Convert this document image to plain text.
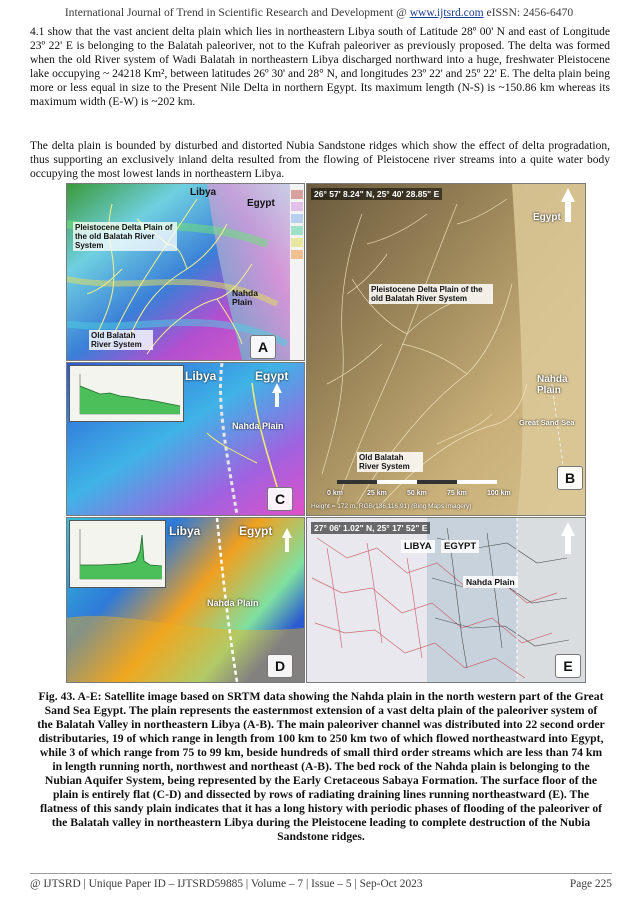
International Journal of Trend in Scientific Research and Development @ www.ijtsrd.com eISSN: 2456-6470
4.1 show that the vast ancient delta plain which lies in northeastern Libya south of Latitude 28º 00' N and east of Longitude 23º 22' E is belonging to the Balatah paleoriver, not to the Kufrah paleoriver as previously proposed. The delta was formed when the old River system of Wadi Balatah in northeastern Libya discharged northward into a huge, freshwater Pleistocene lake occupying ~ 24218 Km², between latitudes 26º 30' and 28° N, and longitudes 23º 22' and 25º 22' E. The delta plain being more or less equal in size to the Present Nile Delta in northern Egypt. Its maximum length (N-S) is ~150.86 km whereas its maximum width (E-W) is ~202 km.
The delta plain is bounded by disturbed and distorted Nubia Sandstone ridges which show the effect of delta progradation, thus supporting an exclusively inland delta resulted from the flowing of Pleistocene river streams into a quite water body occupying the most lowest lands in northeastern Libya.
Libya
Egypt
Pleistocene Delta Plain of the old Balatah River System
Nahda Plain
Old Balatah River System	A
Libya	Egypt
Nahda Plain
C
Libya	Egypt
Nahda Plain
D
26° 57' 8.24" N, 25° 40' 28.85" E
Egypt
Pleistocene Delta Plain of the old Balatah River System
Nahda Plain
Great Sand Sea
Old Balatah River System
B
0 km	25 km	50 km	75 km	100 km
Height = 172 m, RGB(136,116,91) (Bing Maps Imagery)
27° 06' 1.02" N, 25° 17' 52" E
LIBYA	EGYPT
Nahda Plain
E
Fig. 43. A-E: Satellite image based on SRTM data showing the Nahda plain in the north western part of the Great Sand Sea Egypt. The plain represents the easternmost extension of a vast delta plain of the paleoriver system of the Balatah Valley in northeastern Libya (A-B). The main paleoriver channel was distributed into 22 second order distributaries, 19 of which range in length from 100 km to 250 km two of which flowed northeastward into Egypt, while 3 of which range from 75 to 99 km, beside hundreds of small third order streams which are less than 74 km in length running north, northwest and northeast (A-B). The bed rock of the Nahda plain is belonging to the Nubian Aquifer System, being represented by the Early Cretaceous Sabaya Formation. The surface floor of the plain is entirely flat (C-D) and dissected by rows of radiating draining lines running northeastward (E). The flatness of this sandy plain indicates that it has a long history with periodic phases of flooding of the paleoriver of the Balatah valley in northeastern Libya during the Pleistocene leading to complete destruction of the Nubia Sandstone ridges.
@ IJTSRD | Unique Paper ID – IJTSRD59885 | Volume – 7 | Issue – 5 | Sep-Oct 2023	Page 225
